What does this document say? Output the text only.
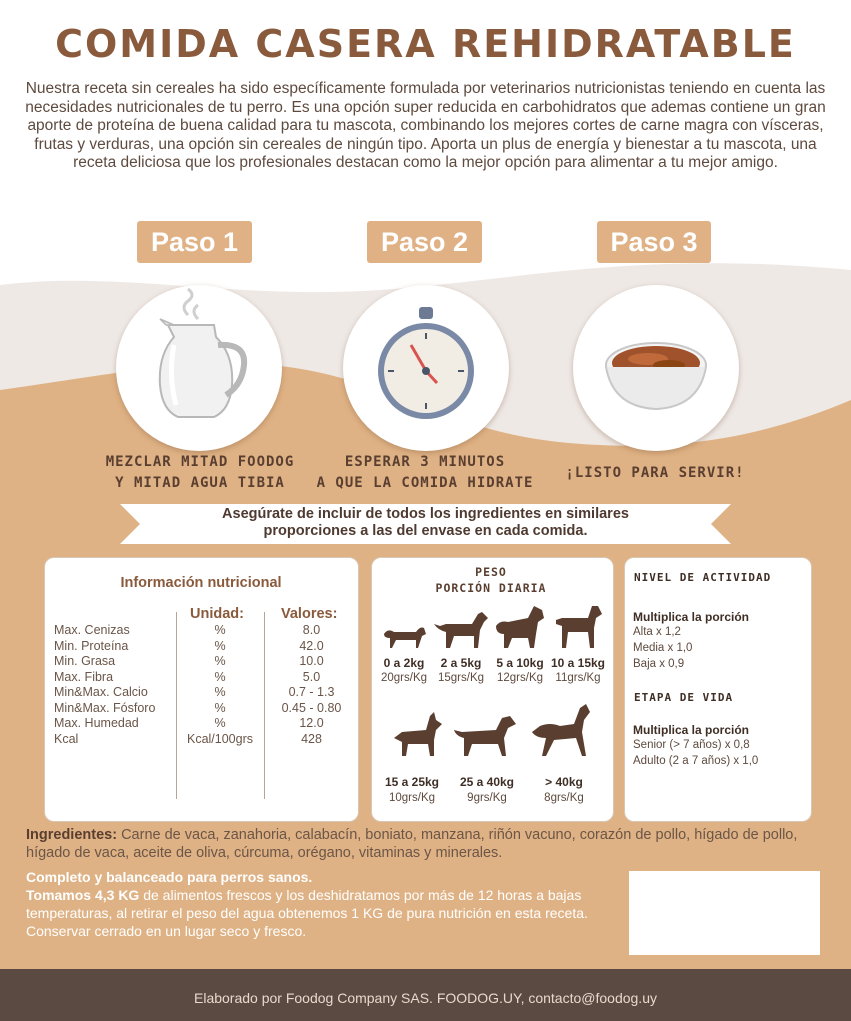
COMIDA CASERA REHIDRATABLE
Nuestra receta sin cereales ha sido específicamente formulada por veterinarios nutricionistas teniendo en cuenta las necesidades nutricionales de tu perro. Es una opción super reducida en carbohidratos que ademas contiene un gran aporte de proteína de buena calidad para tu mascota, combinando los mejores cortes de carne magra con vísceras, frutas y verduras, una opción sin cereales de ningún tipo. Aporta un plus de energía y bienestar a tu mascota, una receta deliciosa que los profesionales destacan como la mejor opción para alimentar a tu mejor amigo.
Paso 1	Paso 2	Paso 3
MEZCLAR MITAD FOODOG
Y MITAD AGUA TIBIA
ESPERAR 3 MINUTOS
A QUE LA COMIDA HIDRATE
¡LISTO PARA SERVIR!
Asegúrate de incluir de todos los ingredientes en similares
proporciones a las del envase en cada comida.
Información nutricional
Unidad:	Valores:
Max. Cenizas	%	8.0
Min. Proteína	%	42.0
Min. Grasa	%	10.0
Max. Fibra	%	5.0
Min&Max. Calcio	%	0.7 - 1.3
Min&Max. Fósforo	%	0.45 - 0.80
Max. Humedad	%	12.0
Kcal	Kcal/100grs	428
PESO
PORCIÓN DIARIA
0 a 2kg
20grs/Kg
2 a 5kg
15grs/Kg
5 a 10kg
12grs/Kg
10 a 15kg
11grs/Kg
15 a 25kg
10grs/Kg
25 a 40kg
9grs/Kg
> 40kg
8grs/Kg
NIVEL DE ACTIVIDAD
Multiplica la porción
Alta x 1,2
Media x 1,0
Baja x 0,9
ETAPA DE VIDA
Multiplica la porción
Senior (> 7 años) x 0,8
Adulto (2 a 7 años) x 1,0
Ingredientes: Carne de vaca, zanahoria, calabacín, boniato, manzana, riñón vacuno, corazón de pollo, hígado de pollo, hígado de vaca, aceite de oliva, cúrcuma, orégano, vitaminas y minerales.
Completo y balanceado para perros sanos.
Tomamos 4,3 KG de alimentos frescos y los deshidratamos por más de 12 horas a bajas temperaturas, al retirar el peso del agua obtenemos 1 KG de pura nutrición en esta receta. Conservar cerrado en un lugar seco y fresco.
Elaborado por Foodog Company SAS. FOODOG.UY, contacto@foodog.uy
